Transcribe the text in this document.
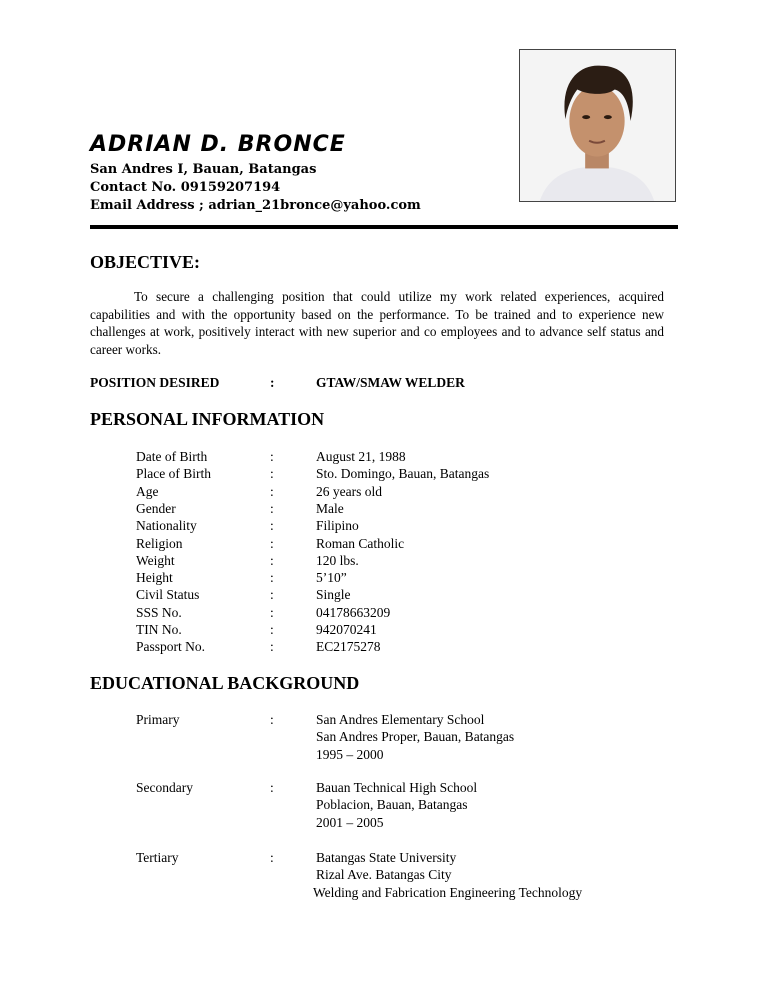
ADRIAN D. BRONCE
San Andres I, Bauan, Batangas
Contact No. 09159207194
Email Address ; adrian_21bronce@yahoo.com
OBJECTIVE:
To secure a challenging position that could utilize my work related experiences, acquired capabilities and with the opportunity based on the performance. To be trained and to experience new challenges at work, positively interact with new superior and co employees and to advance self status and career works.
POSITION DESIRED	:	GTAW/SMAW WELDER
PERSONAL INFORMATION
Date of Birth	:	August 21, 1988
Place of Birth	:	Sto. Domingo, Bauan, Batangas
Age	:	26 years old
Gender	:	Male
Nationality	:	Filipino
Religion	:	Roman Catholic
Weight	:	120 lbs.
Height	:	5’10”
Civil Status	:	Single
SSS No.	:	04178663209
TIN No.	:	942070241
Passport No.	:	EC2175278
EDUCATIONAL BACKGROUND
Primary	:	San Andres Elementary School
San Andres Proper, Bauan, Batangas
1995 – 2000
Secondary	:	Bauan Technical High School
Poblacion, Bauan, Batangas
2001 – 2005
Tertiary	:	Batangas State University
Rizal Ave. Batangas City
Welding and Fabrication Engineering Technology
